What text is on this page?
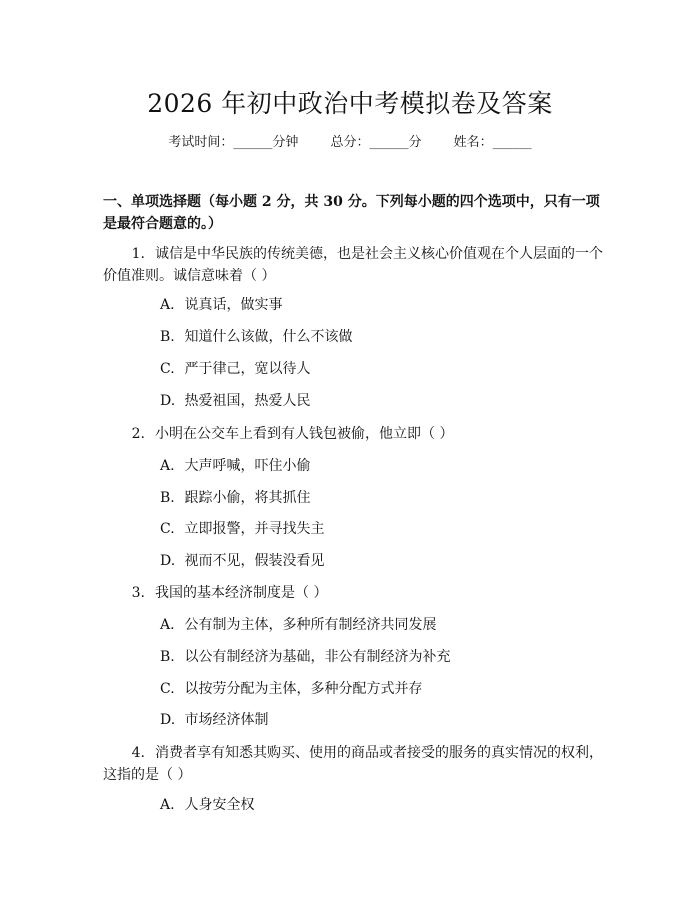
2026 年初中政治中考模拟卷及答案
考试时间：______分钟 总分：______分 姓名：______
一、单项选择题（每小题 2 分，共 30 分。下列每小题的四个选项中，只有一项是最符合题意的。）
1. 诚信是中华民族的传统美德，也是社会主义核心价值观在个人层面的一个
价值准则。诚信意味着（ ）
A. 说真话，做实事
B. 知道什么该做，什么不该做
C. 严于律己，宽以待人
D. 热爱祖国，热爱人民
2. 小明在公交车上看到有人钱包被偷，他立即（ ）
A. 大声呼喊，吓住小偷
B. 跟踪小偷，将其抓住
C. 立即报警，并寻找失主
D. 视而不见，假装没看见
3. 我国的基本经济制度是（ ）
A. 公有制为主体，多种所有制经济共同发展
B. 以公有制经济为基础，非公有制经济为补充
C. 以按劳分配为主体，多种分配方式并存
D. 市场经济体制
4. 消费者享有知悉其购买、使用的商品或者接受的服务的真实情况的权利，
这指的是（ ）
A. 人身安全权
